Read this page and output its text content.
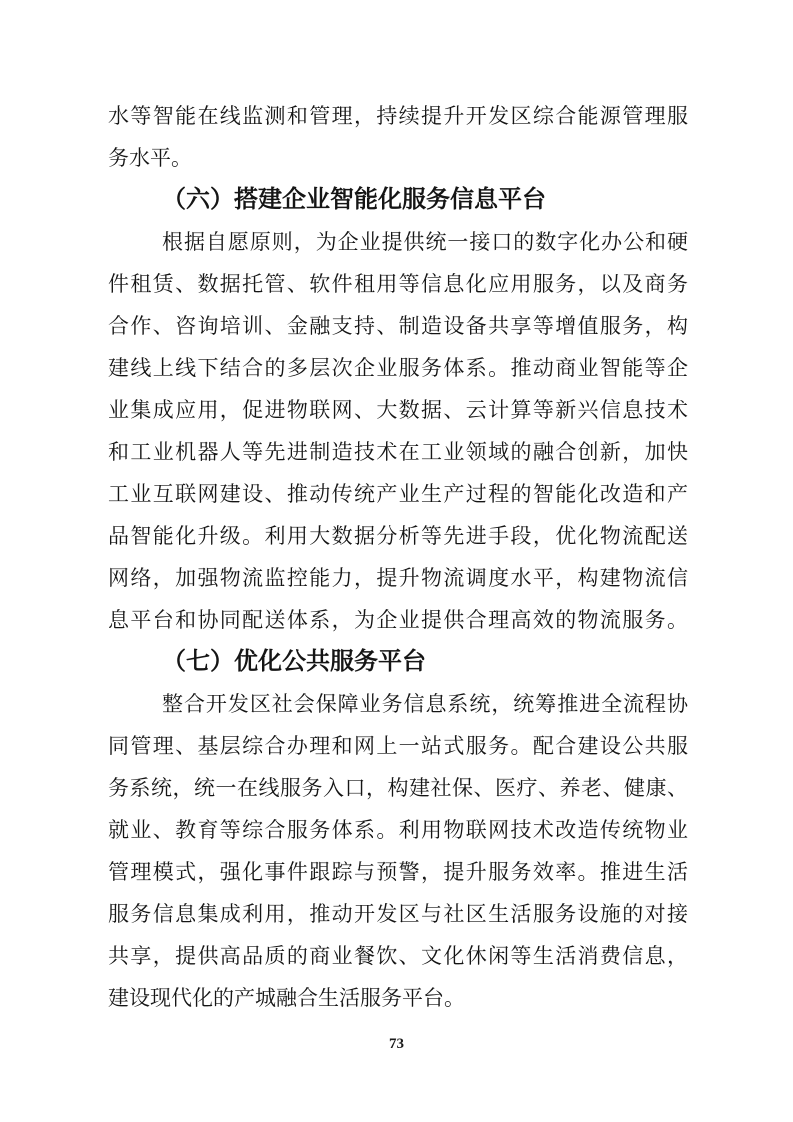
水等智能在线监测和管理，持续提升开发区综合能源管理服
务水平。
（六）搭建企业智能化服务信息平台
根据自愿原则，为企业提供统一接口的数字化办公和硬
件租赁、数据托管、软件租用等信息化应用服务，以及商务
合作、咨询培训、金融支持、制造设备共享等增值服务，构
建线上线下结合的多层次企业服务体系。推动商业智能等企
业集成应用，促进物联网、大数据、云计算等新兴信息技术
和工业机器人等先进制造技术在工业领域的融合创新，加快
工业互联网建设、推动传统产业生产过程的智能化改造和产
品智能化升级。利用大数据分析等先进手段，优化物流配送
网络，加强物流监控能力，提升物流调度水平，构建物流信
息平台和协同配送体系，为企业提供合理高效的物流服务。
（七）优化公共服务平台
整合开发区社会保障业务信息系统，统筹推进全流程协
同管理、基层综合办理和网上一站式服务。配合建设公共服
务系统，统一在线服务入口，构建社保、医疗、养老、健康、
就业、教育等综合服务体系。利用物联网技术改造传统物业
管理模式，强化事件跟踪与预警，提升服务效率。推进生活
服务信息集成利用，推动开发区与社区生活服务设施的对接
共享，提供高品质的商业餐饮、文化休闲等生活消费信息，
建设现代化的产城融合生活服务平台。
73
